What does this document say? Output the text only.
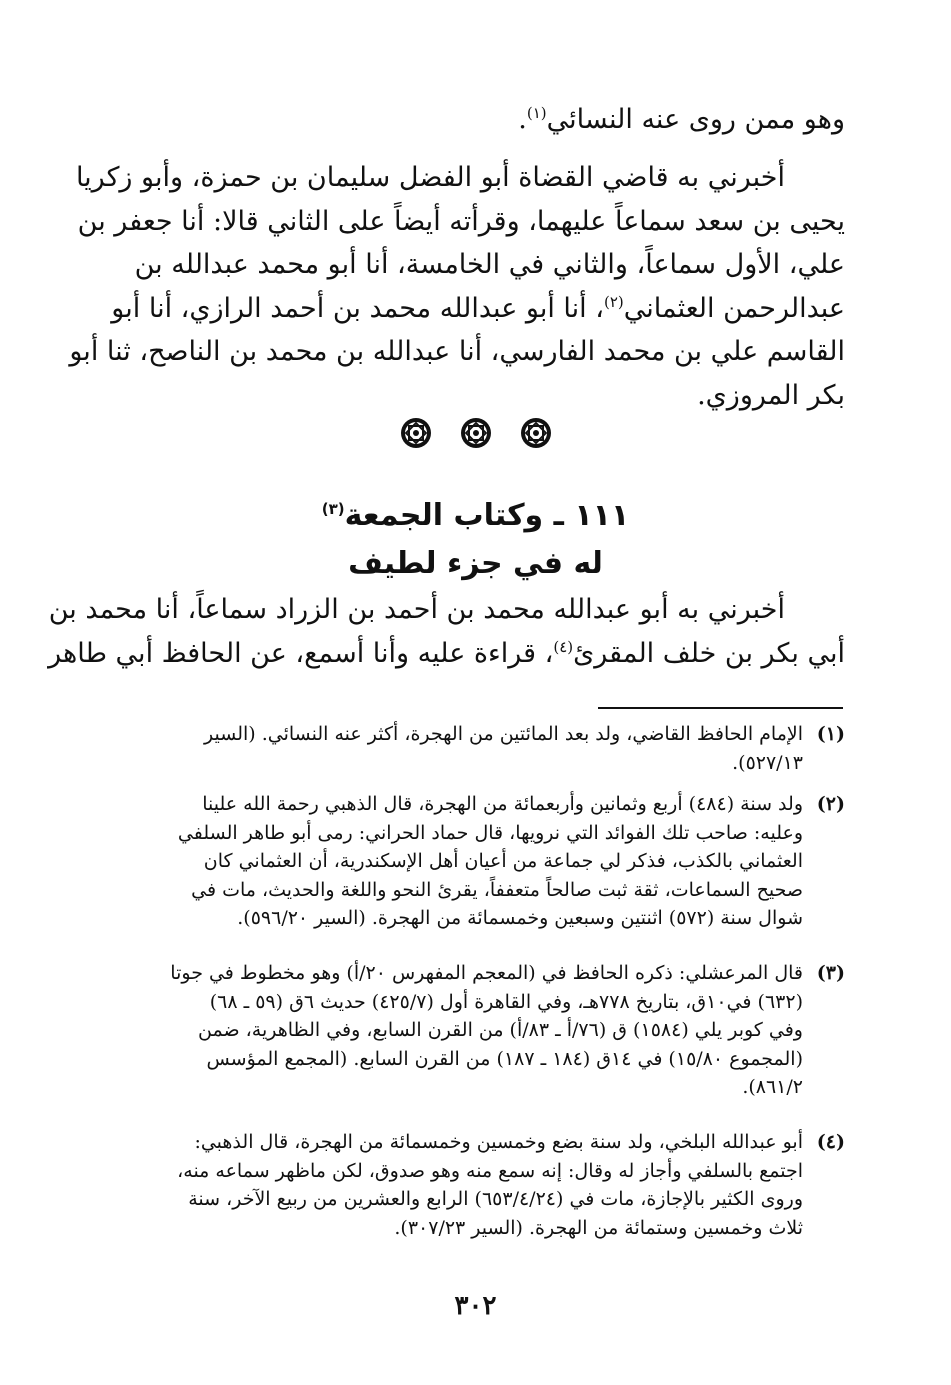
وهو ممن روى عنه النسائي$^{(١)}$.

أخبرني به قاضي القضاة أبو الفضل سليمان بن حمزة، وأبو زكريا

يحيى بن سعد سماعاً عليهما، وقرأته أيضاً على الثاني قالا: أنا جعفر بن

علي، الأول سماعاً، والثاني في الخامسة، أنا أبو محمد عبدالله بن

عبدالرحمن العثماني$^{(٢)}$، أنا أبو عبدالله محمد بن أحمد الرازي، أنا أبو

القاسم علي بن محمد الفارسي، أنا عبدالله بن محمد بن الناصح، ثنا أبو

بكر المروزي.

١١١ ـ وكتاب الجمعة$^{(٣)}$
له في جزء لطيف

أخبرني به أبو عبدالله محمد بن أحمد بن الزراد سماعاً، أنا محمد بن

أبي بكر بن خلف المقرئ$^{(٤)}$، قراءة عليه وأنا أسمع، عن الحافظ أبي طاهر

(١)

الإمام الحافظ القاضي، ولد بعد المائتين من الهجرة، أكثر عنه النسائي. (السير

٥٢٧/١٣).

(٢)

ولد سنة (٤٨٤) أربع وثمانين وأربعمائة من الهجرة، قال الذهبي رحمة الله علينا

وعليه: صاحب تلك الفوائد التي نرويها، قال حماد الحراني: رمى أبو طاهر السلفي

العثماني بالكذب، فذكر لي جماعة من أعيان أهل الإسكندرية، أن العثماني كان

صحيح السماعات، ثقة ثبت صالحاً متعففاً، يقرئ النحو واللغة والحديث، مات في

شوال سنة (٥٧٢) اثنتين وسبعين وخمسمائة من الهجرة. (السير ٥٩٦/٢٠).

(٣)

قال المرعشلي: ذكره الحافظ في (المعجم المفهرس ٢٠/أ) وهو مخطوط في جوتا

(٦٣٢) في١٠ق، بتاريخ ٧٧٨هـ، وفي القاهرة أول (٤٢٥/٧) حديث ٦ق (٥٩ ـ ٦٨)

وفي كوبر يلي (١٥٨٤) ق (٧٦/أ ـ ٨٣/أ) من القرن السابع، وفي الظاهرية، ضمن

(المجموع ١٥/٨٠) في ١٤ق (١٨٤ ـ ١٨٧) من القرن السابع. (المجمع المؤسس

٨٦١/٢).

(٤)

أبو عبدالله البلخي، ولد سنة بضع وخمسين وخمسمائة من الهجرة، قال الذهبي:

اجتمع بالسلفي وأجاز له وقال: إنه سمع منه وهو صدوق، لكن ماظهر سماعه منه،

وروى الكثير بالإجازة، مات في (٦٥٣/٤/٢٤) الرابع والعشرين من ربيع الآخر، سنة

ثلاث وخمسين وستمائة من الهجرة. (السير ٣٠٧/٢٣).

٣٠٢
